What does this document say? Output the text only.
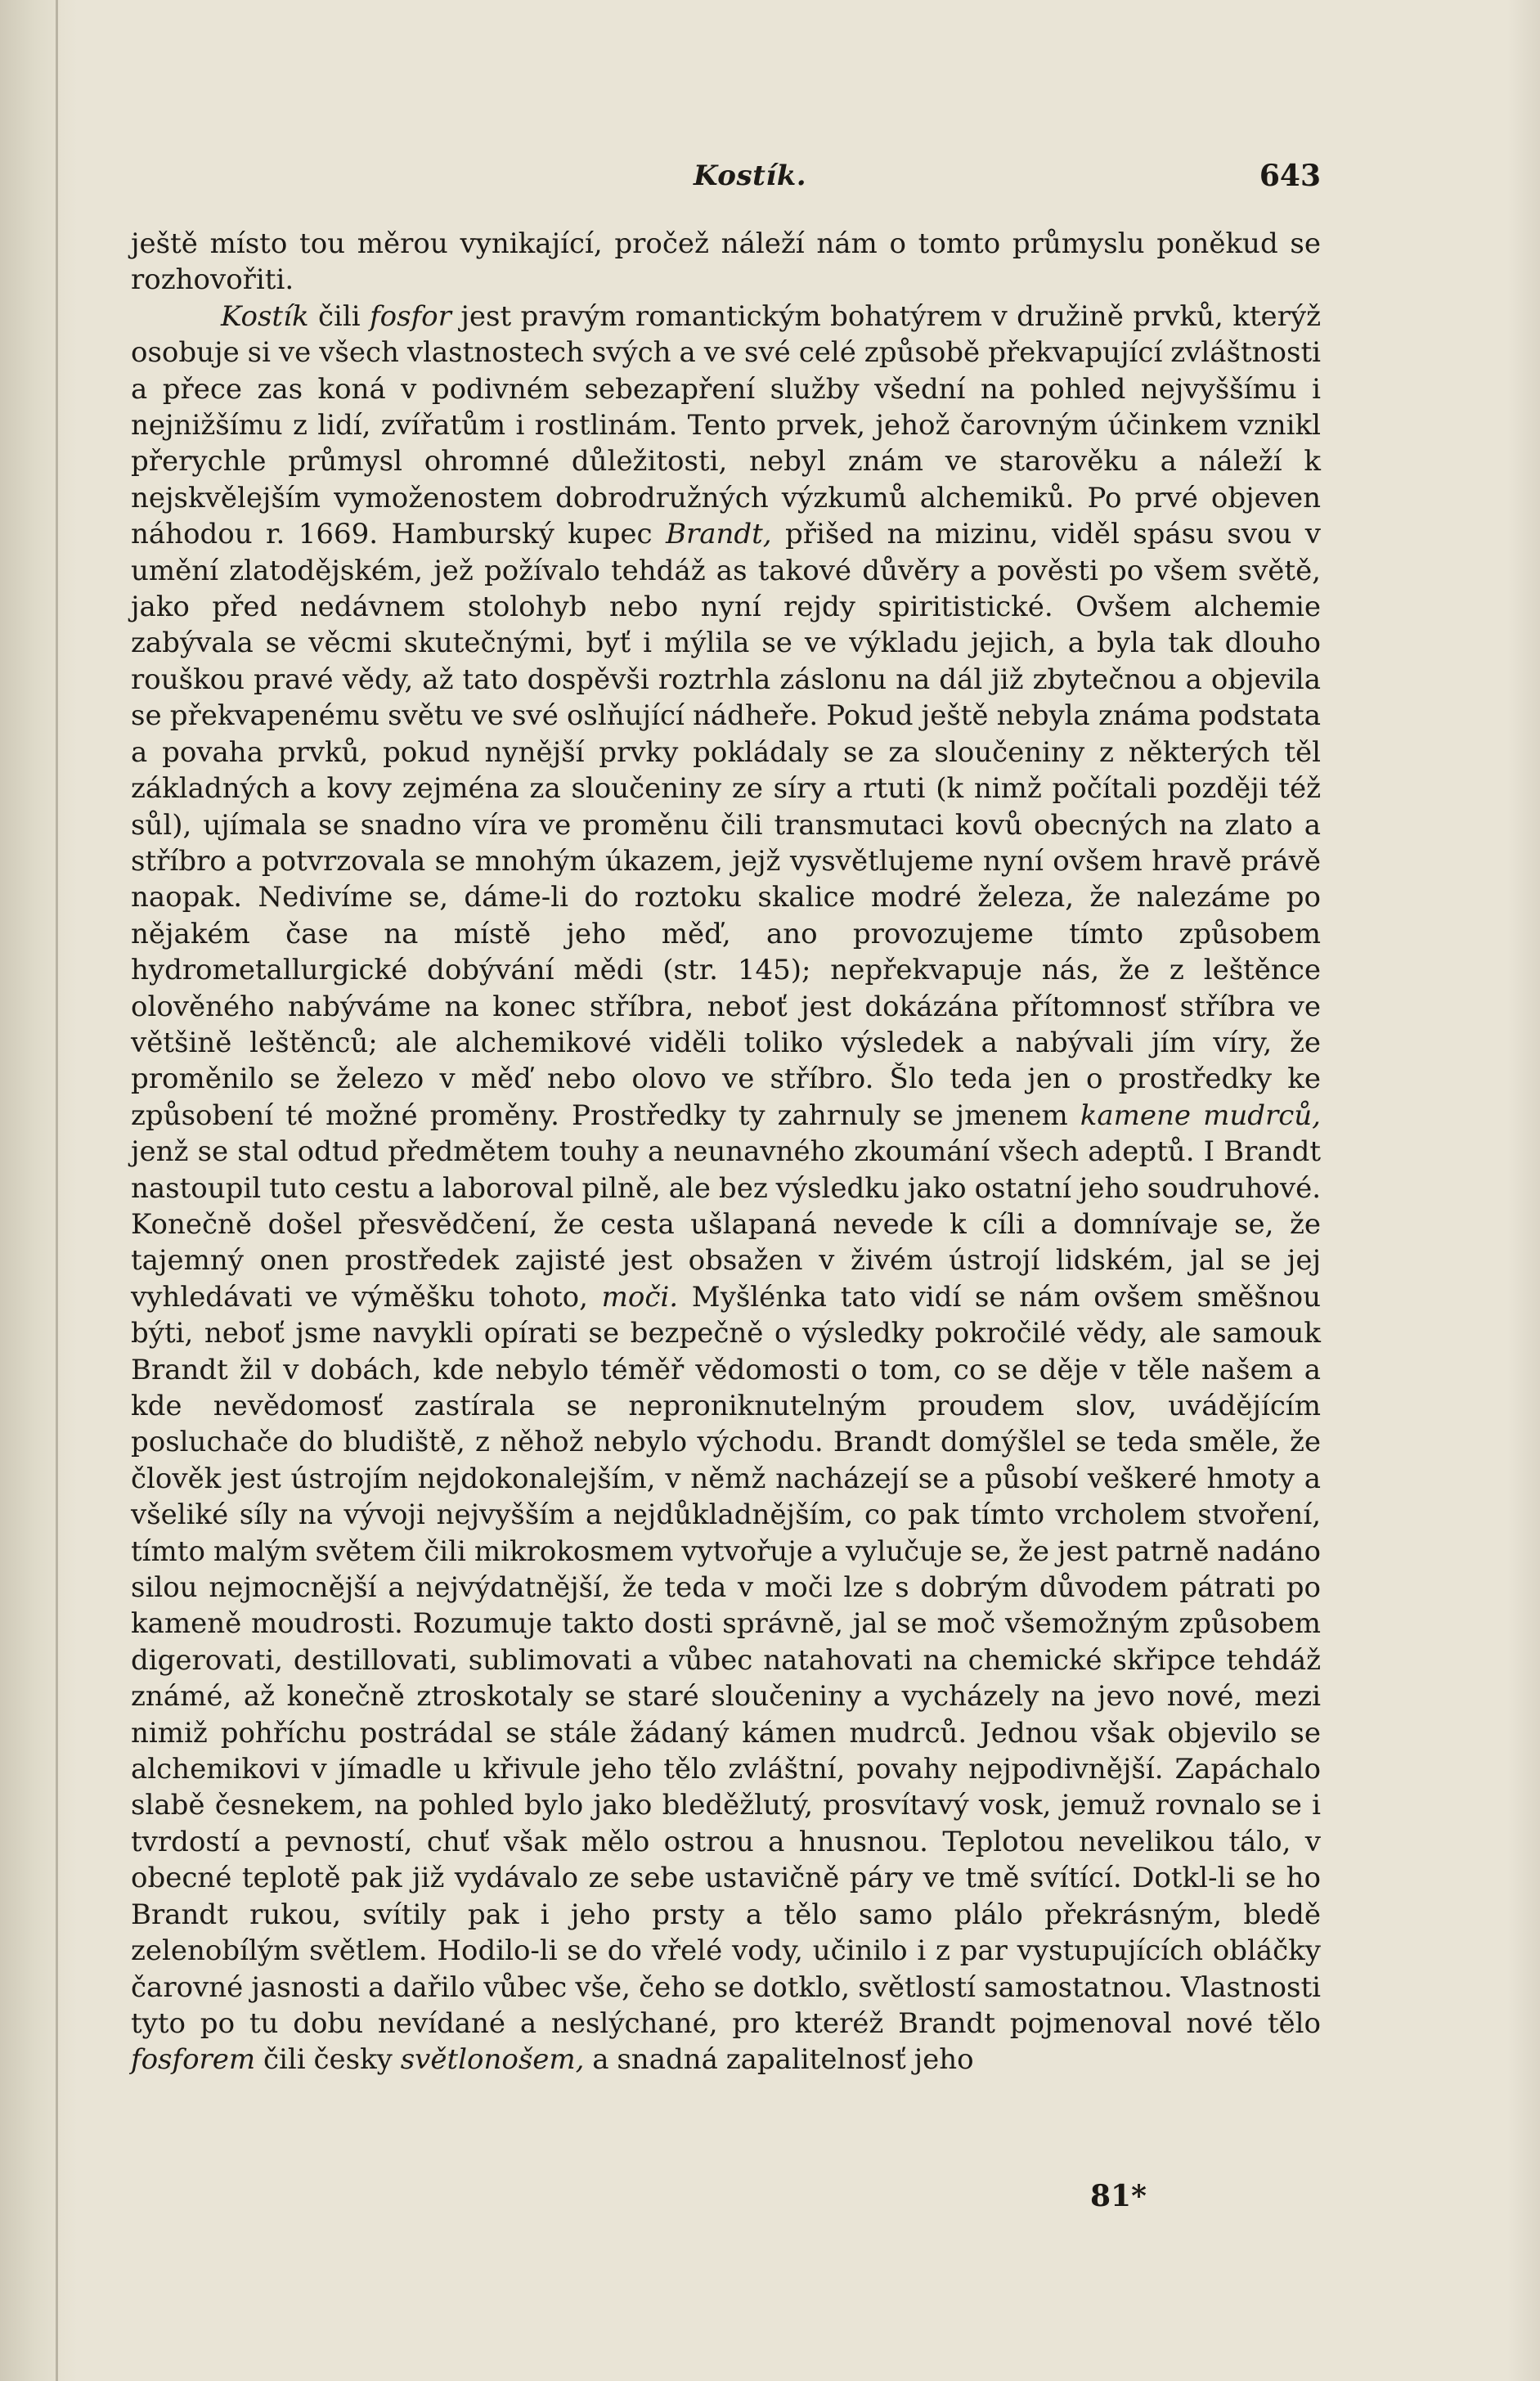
Kostík.	643

ještě místo tou měrou vynikající, pročež náleží nám o tomto průmyslu poněkud se rozhovořiti.

Kostík čili fosfor jest pravým romantickým bohatýrem v družině prvků, kterýž osobuje si ve všech vlastnostech svých a ve své celé způsobě překvapující zvláštnosti a přece zas koná v podivném sebezapření služby všední na pohled nejvyššímu i nejnižšímu z lidí, zvířatům i rostlinám. Tento prvek, jehož čarovným účinkem vznikl přerychle průmysl ohromné důležitosti, nebyl znám ve starověku a náleží k nejskvělejším vymoženostem dobrodružných výzkumů alchemiků. Po prvé objeven náhodou r. 1669. Hamburský kupec Brandt, přišed na mizinu, viděl spásu svou v umění zlatodějském, jež požívalo tehdáž as takové důvěry a pověsti po všem světě, jako před nedávnem stolohyb nebo nyní rejdy spiritistické. Ovšem alchemie zabývala se věcmi skutečnými, byť i mýlila se ve výkladu jejich, a byla tak dlouho rouškou pravé vědy, až tato dospěvši roztrhla záslonu na dál již zbytečnou a objevila se překvapenému světu ve své oslňující nádheře. Pokud ještě nebyla známa podstata a povaha prvků, pokud nynější prvky pokládaly se za sloučeniny z některých těl základných a kovy zejména za sloučeniny ze síry a rtuti (k nimž počítali později též sůl), ujímala se snadno víra ve proměnu čili transmutaci kovů obecných na zlato a stříbro a potvrzovala se mnohým úkazem, jejž vysvětlujeme nyní ovšem hravě právě naopak. Nedivíme se, dáme-li do roztoku skalice modré železa, že nalezáme po nějakém čase na místě jeho měď, ano provozujeme tímto způsobem hydrometallurgické dobývání mědi (str. 145); nepřekvapuje nás, že z leštěnce olověného nabýváme na konec stříbra, neboť jest dokázána přítomnosť stříbra ve většině leštěnců; ale alchemikové viděli toliko výsledek a nabývali jím víry, že proměnilo se železo v měď nebo olovo ve stříbro. Šlo teda jen o prostředky ke způsobení té možné proměny. Prostředky ty zahrnuly se jmenem kamene mudrců, jenž se stal odtud předmětem touhy a neunavného zkoumání všech adeptů. I Brandt nastoupil tuto cestu a laboroval pilně, ale bez výsledku jako ostatní jeho soudruhové. Konečně došel přesvědčení, že cesta ušlapaná nevede k cíli a domnívaje se, že tajemný onen prostředek zajisté jest obsažen v živém ústrojí lidském, jal se jej vyhledávati ve výměšku tohoto, moči. Myšlénka tato vidí se nám ovšem směšnou býti, neboť jsme navykli opírati se bezpečně o výsledky pokročilé vědy, ale samouk Brandt žil v dobách, kde nebylo téměř vědomosti o tom, co se děje v těle našem a kde nevědomosť zastírala se neproniknutelným proudem slov, uvádějícím posluchače do bludiště, z něhož nebylo východu. Brandt domýšlel se teda směle, že člověk jest ústrojím nejdokonalejším, v němž nacházejí se a působí veškeré hmoty a všeliké síly na vývoji nejvyšším a nejdůkladnějším, co pak tímto vrcholem stvoření, tímto malým světem čili mikrokosmem vytvořuje a vylučuje se, že jest patrně nadáno silou nejmocnější a nejvýdatnější, že teda v moči lze s dobrým důvodem pátrati po kameně moudrosti. Rozumuje takto dosti správně, jal se moč všemožným způsobem digerovati, destillovati, sublimovati a vůbec natahovati na chemické skřipce tehdáž známé, až konečně ztroskotaly se staré sloučeniny a vycházely na jevo nové, mezi nimiž pohříchu postrádal se stále žádaný kámen mudrců. Jednou však objevilo se alchemikovi v jímadle u křivule jeho tělo zvláštní, povahy nejpodivnější. Zapáchalo slabě česnekem, na pohled bylo jako bleděžlutý, prosvítavý vosk, jemuž rovnalo se i tvrdostí a pevností, chuť však mělo ostrou a hnusnou. Teplotou nevelikou tálo, v obecné teplotě pak již vydávalo ze sebe ustavičně páry ve tmě svítící. Dotkl-li se ho Brandt rukou, svítily pak i jeho prsty a tělo samo plálo překrásným, bledě zelenobílým světlem. Hodilo-li se do vřelé vody, učinilo i z par vystupujících obláčky čarovné jasnosti a dařilo vůbec vše, čeho se dotklo, světlostí samostatnou. Vlastnosti tyto po tu dobu nevídané a neslýchané, pro kteréž Brandt pojmenoval nové tělo fosforem čili česky světlonošem, a snadná zapalitelnosť jeho

81*
